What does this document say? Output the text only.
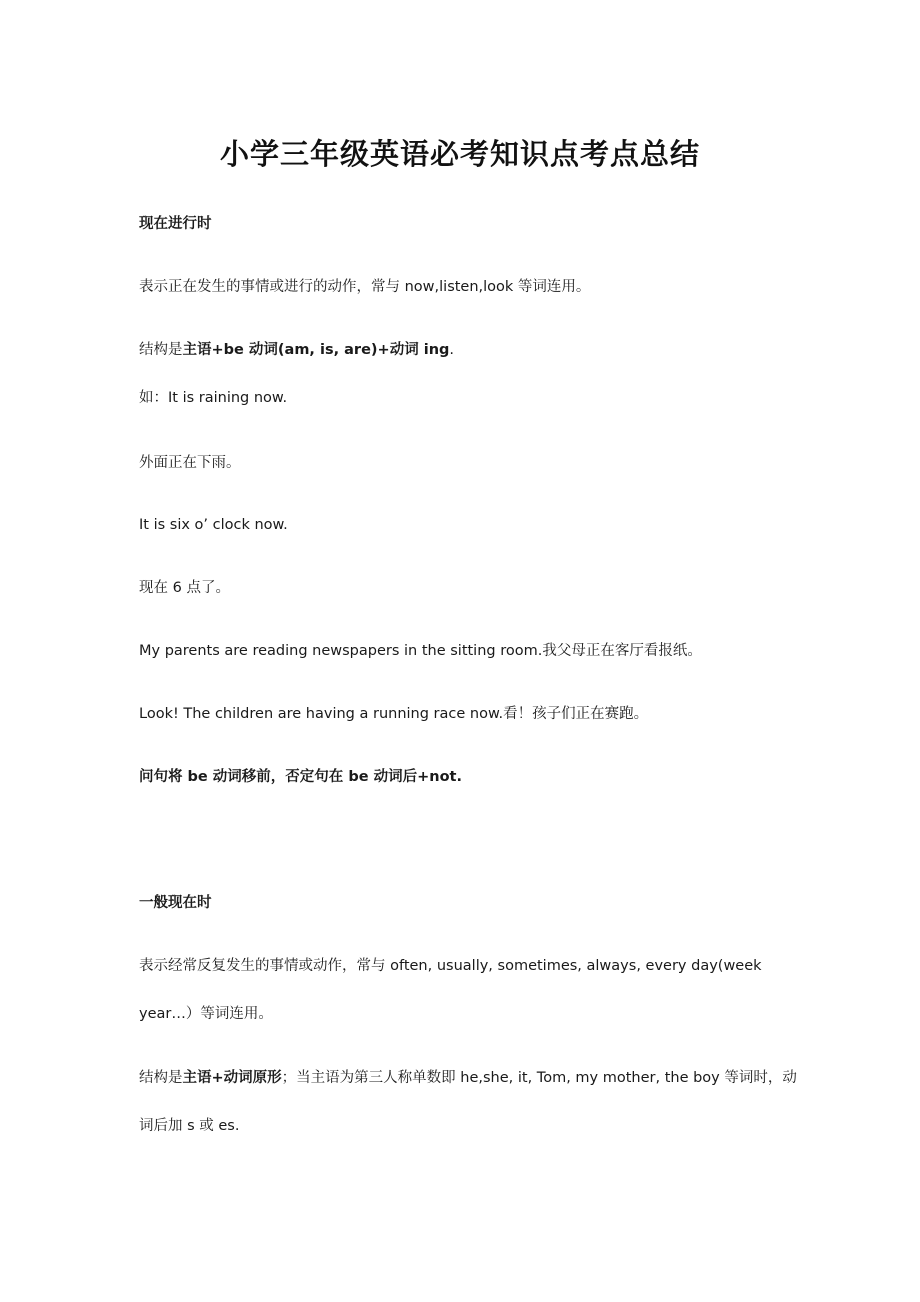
小学三年级英语必考知识点考点总结
现在进行时
表示正在发生的事情或进行的动作，常与 now,listen,look 等词连用。
结构是主语+be 动词(am, is, are)+动词 ing.
如：It is raining now.
外面正在下雨。
It is six o’ clock now.
现在 6 点了。
My parents are reading newspapers in the sitting room.我父母正在客厅看报纸。
Look! The children are having a running race now.看！孩子们正在赛跑。
问句将 be 动词移前，否定句在 be 动词后+not.
一般现在时
表示经常反复发生的事情或动作，常与 often, usually, sometimes, always, every day(week
year…）等词连用。
结构是主语+动词原形；当主语为第三人称单数即 he,she, it, Tom, my mother, the boy 等词时，动
词后加 s 或 es.
